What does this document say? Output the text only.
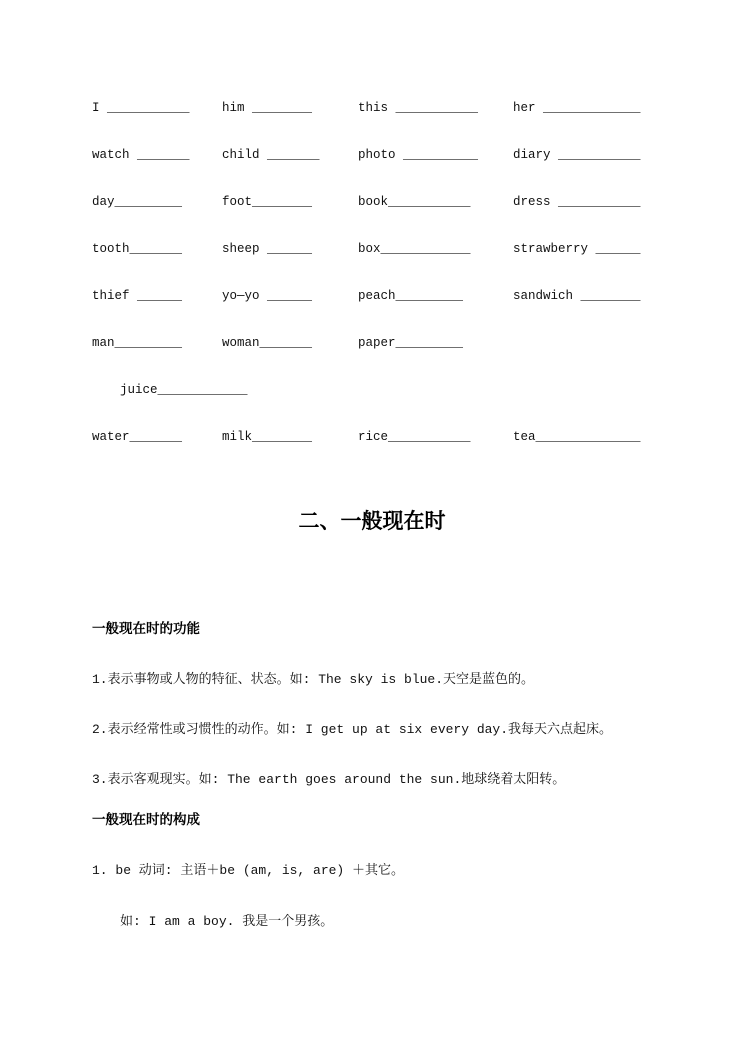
I ___________	him ________	this ___________	her _____________
watch _______	child _______	photo __________	diary ___________
day_________	foot________	book___________	dress ___________
tooth_______	sheep ______	box____________	strawberry ______
thief ______	yo—yo ______	peach_________	sandwich ________
man_________	woman_______	paper_________
juice____________
water_______	milk________	rice___________	tea______________
二、一般现在时
一般现在时的功能

1.表示事物或人物的特征、状态。如: The sky is blue.天空是蓝色的。

2.表示经常性或习惯性的动作。如: I get up at six every day.我每天六点起床。

3.表示客观现实。如: The earth goes around the sun.地球绕着太阳转。

一般现在时的构成

1. be 动词: 主语＋be (am, is, are) ＋其它。

如: I am a boy. 我是一个男孩。
